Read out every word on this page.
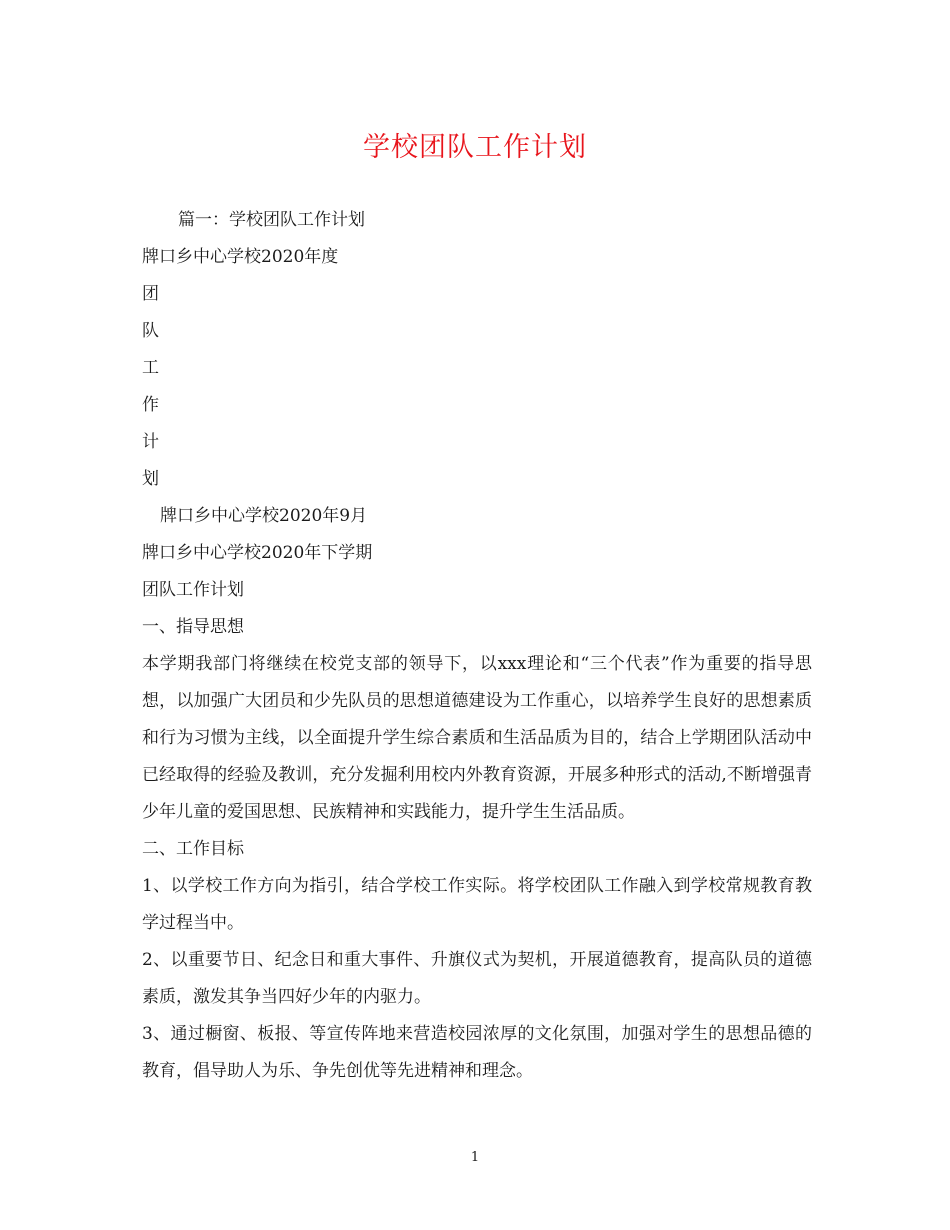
学校团队工作计划

篇一：学校团队工作计划

牌口乡中心学校2020年度

团

队

工

作

计

划

牌口乡中心学校2020年9月

牌口乡中心学校2020年下学期

团队工作计划

一、指导思想

本学期我部门将继续在校党支部的领导下，以xxx理论和“三个代表”作为重要的指导思想，以加强广大团员和少先队员的思想道德建设为工作重心，以培养学生良好的思想素质和行为习惯为主线，以全面提升学生综合素质和生活品质为目的，结合上学期团队活动中已经取得的经验及教训，充分发掘利用校内外教育资源，开展多种形式的活动,不断增强青少年儿童的爱国思想、民族精神和实践能力，提升学生生活品质。

二、工作目标

1、以学校工作方向为指引，结合学校工作实际。将学校团队工作融入到学校常规教育教学过程当中。

2、以重要节日、纪念日和重大事件、升旗仪式为契机，开展道德教育，提高队员的道德素质，激发其争当四好少年的内驱力。

3、通过橱窗、板报、等宣传阵地来营造校园浓厚的文化氛围，加强对学生的思想品德的教育，倡导助人为乐、争先创优等先进精神和理念。

1
